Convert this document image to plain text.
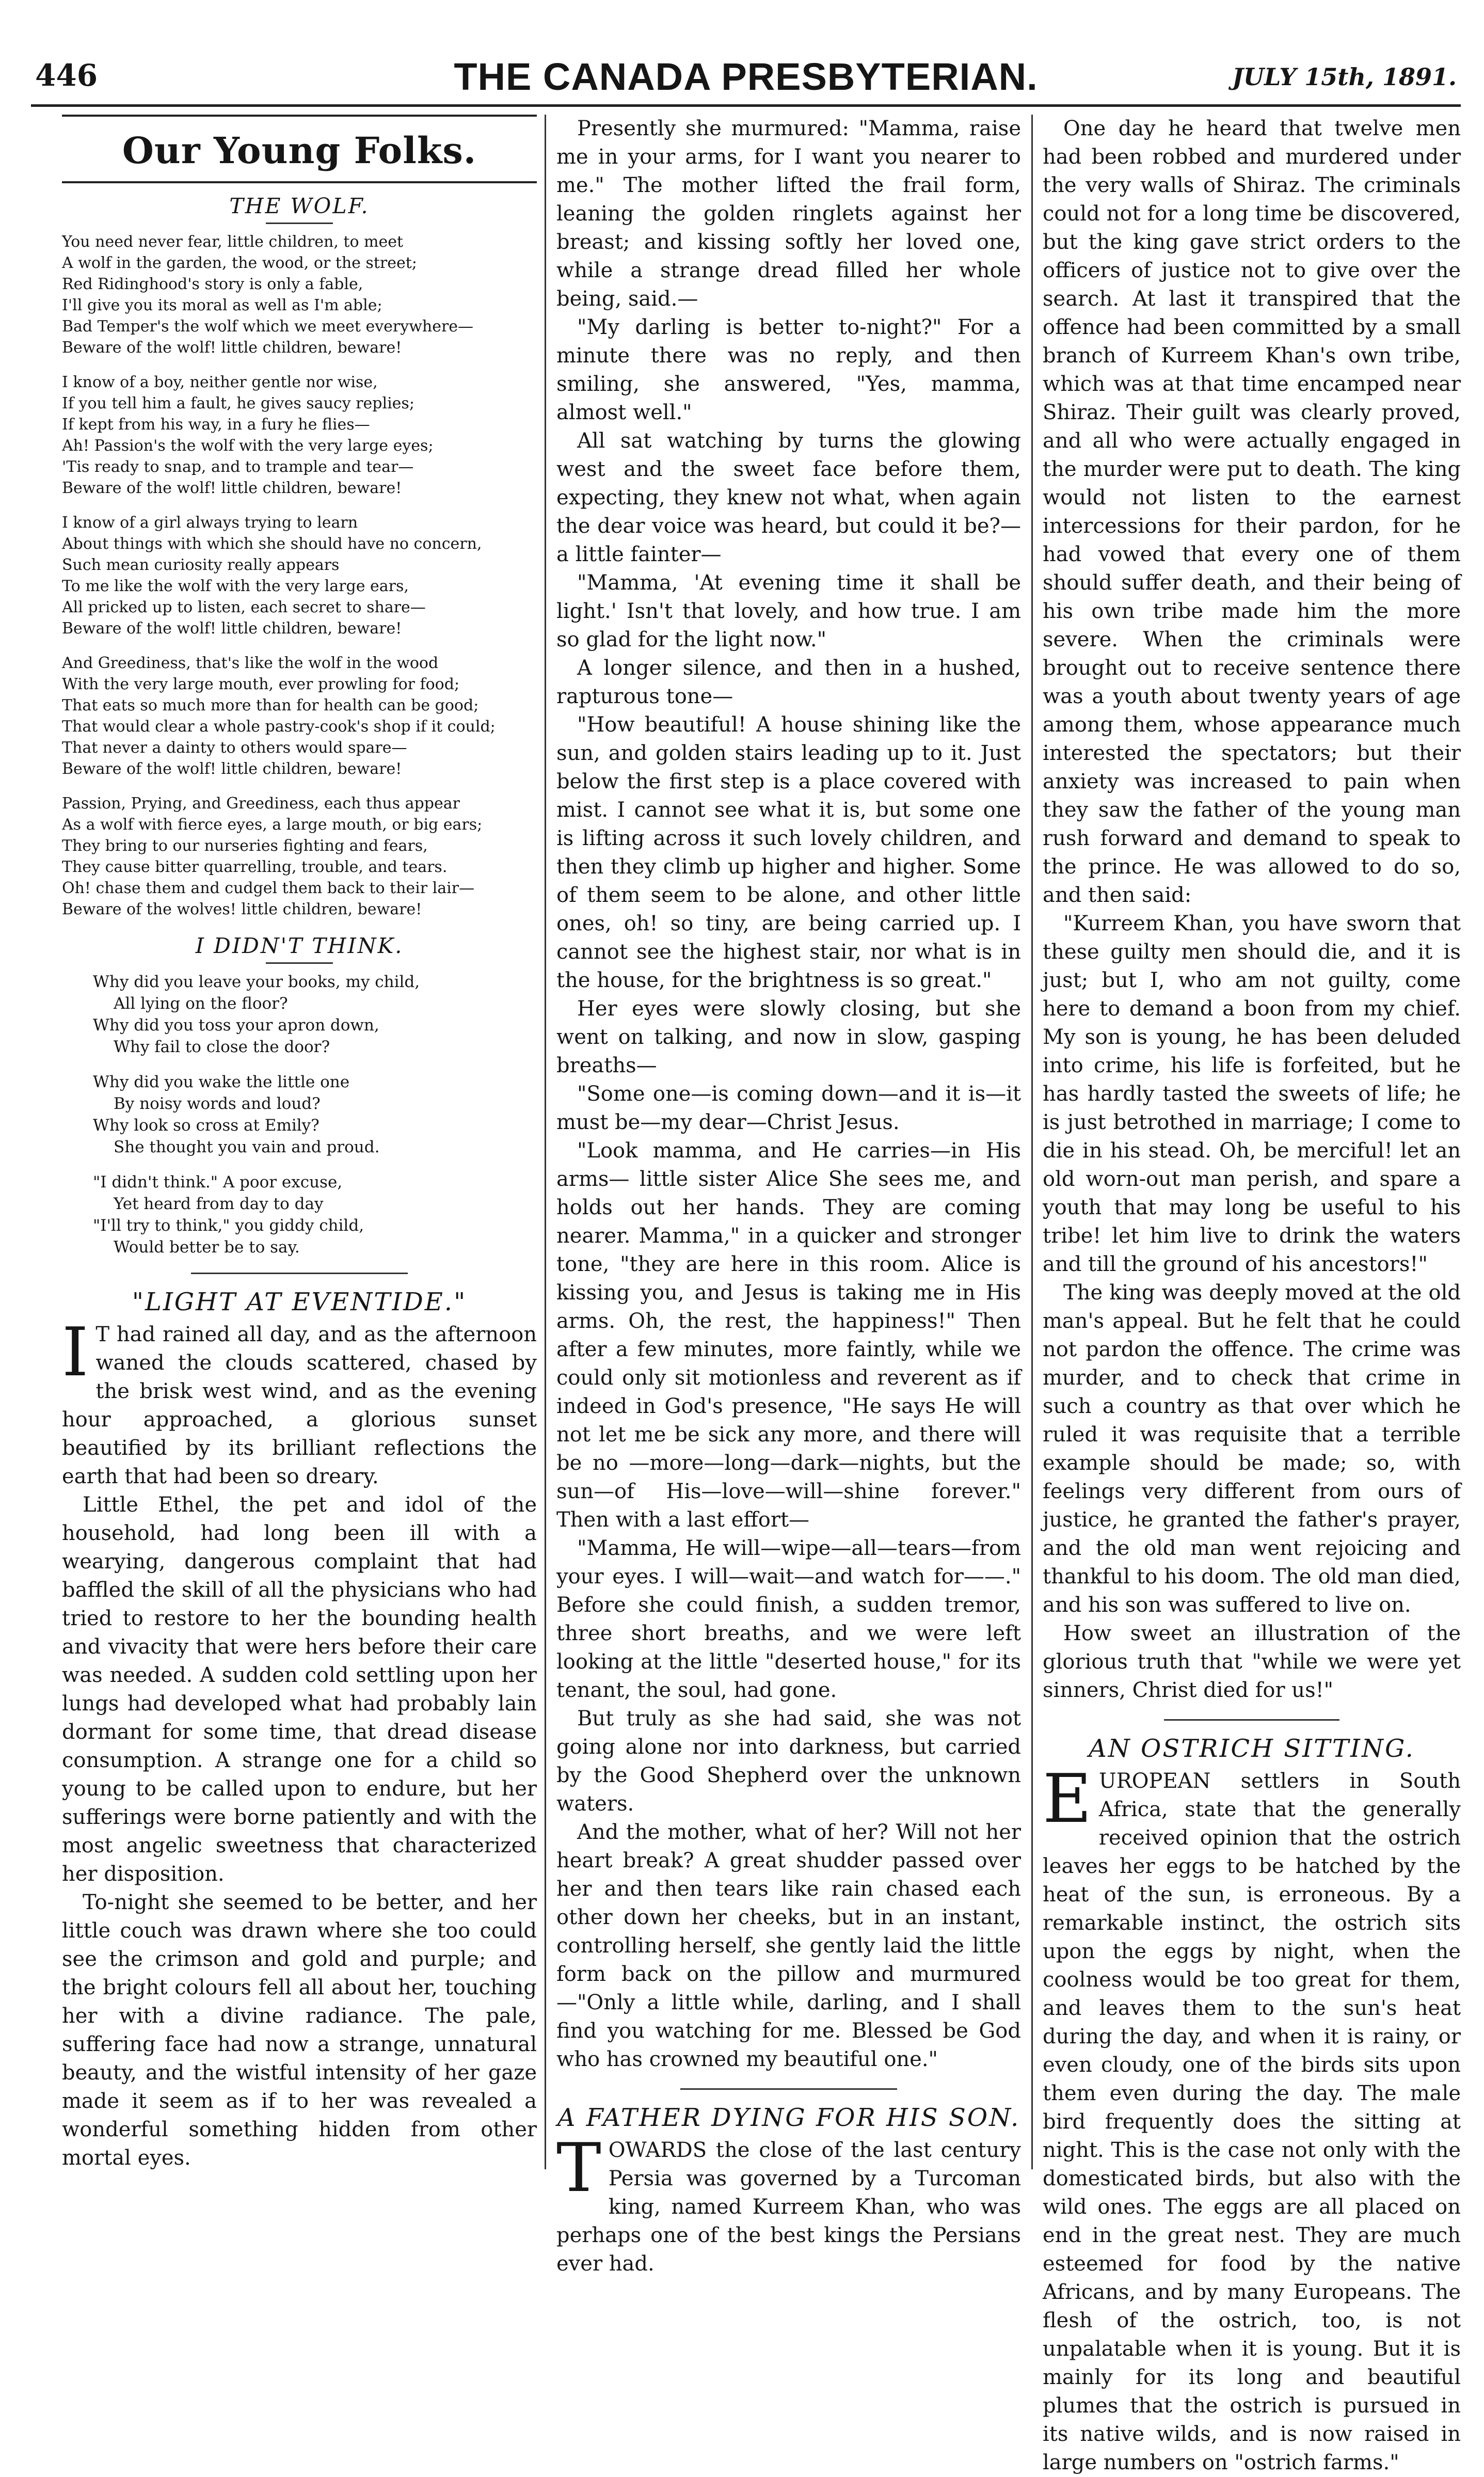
446	THE CANADA PRESBYTERIAN.	JULY 15th, 1891.
Our Young Folks.
THE WOLF.
You need never fear, little children, to meet
A wolf in the garden, the wood, or the street;
Red Ridinghood's story is only a fable,
I'll give you its moral as well as I'm able;
Bad Temper's the wolf which we meet everywhere—
Beware of the wolf! little children, beware!
I know of a boy, neither gentle nor wise,
If you tell him a fault, he gives saucy replies;
If kept from his way, in a fury he flies—
Ah! Passion's the wolf with the very large eyes;
'Tis ready to snap, and to trample and tear—
Beware of the wolf! little children, beware!
I know of a girl always trying to learn
About things with which she should have no concern,
Such mean curiosity really appears
To me like the wolf with the very large ears,
All pricked up to listen, each secret to share—
Beware of the wolf! little children, beware!
And Greediness, that's like the wolf in the wood
With the very large mouth, ever prowling for food;
That eats so much more than for health can be good;
That would clear a whole pastry-cook's shop if it could;
That never a dainty to others would spare—
Beware of the wolf! little children, beware!
Passion, Prying, and Greediness, each thus appear
As a wolf with fierce eyes, a large mouth, or big ears;
They bring to our nurseries fighting and fears,
They cause bitter quarrelling, trouble, and tears.
Oh! chase them and cudgel them back to their lair—
Beware of the wolves! little children, beware!
I DIDN'T THINK.
Why did you leave your books, my child,
All lying on the floor?
Why did you toss your apron down,
Why fail to close the door?
Why did you wake the little one
By noisy words and loud?
Why look so cross at Emily?
She thought you vain and proud.
"I didn't think." A poor excuse,
Yet heard from day to day
"I'll try to think," you giddy child,
Would better be to say.
"LIGHT AT EVENTIDE."

I T had rained all day, and as the afternoon waned the clouds scattered, chased by the brisk west wind, and as the evening hour approached, a glorious sunset beautified by its brilliant reflections the earth that had been so dreary.

Little Ethel, the pet and idol of the household, had long been ill with a wearying, dangerous complaint that had baffled the skill of all the physicians who had tried to restore to her the bounding health and vivacity that were hers before their care was needed. A sudden cold settling upon her lungs had developed what had probably lain dormant for some time, that dread disease consumption. A strange one for a child so young to be called upon to endure, but her sufferings were borne patiently and with the most angelic sweetness that characterized her disposition.

To-night she seemed to be better, and her little couch was drawn where she too could see the crimson and gold and purple; and the bright colours fell all about her, touching her with a divine radiance. The pale, suffering face had now a strange, unnatural beauty, and the wistful intensity of her gaze made it seem as if to her was revealed a wonderful something hidden from other mortal eyes.

Presently she murmured: "Mamma, raise me in your arms, for I want you nearer to me." The mother lifted the frail form, leaning the golden ringlets against her breast; and kissing softly her loved one, while a strange dread filled her whole being, said.—

"My darling is better to-night?" For a minute there was no reply, and then smiling, she answered, "Yes, mamma, almost well."

All sat watching by turns the glowing west and the sweet face before them, expecting, they knew not what, when again the dear voice was heard, but could it be?—a little fainter—

"Mamma, 'At evening time it shall be light.' Isn't that lovely, and how true. I am so glad for the light now."

A longer silence, and then in a hushed, rapturous tone—

"How beautiful! A house shining like the sun, and golden stairs leading up to it. Just below the first step is a place covered with mist. I cannot see what it is, but some one is lifting across it such lovely children, and then they climb up higher and higher. Some of them seem to be alone, and other little ones, oh! so tiny, are being carried up. I cannot see the highest stair, nor what is in the house, for the brightness is so great."

Her eyes were slowly closing, but she went on talking, and now in slow, gasping breaths—

"Some one—is coming down—and it is—it must be—my dear—Christ Jesus.

"Look mamma, and He carries—in His arms— little sister Alice She sees me, and holds out her hands. They are coming nearer. Mamma," in a quicker and stronger tone, "they are here in this room. Alice is kissing you, and Jesus is taking me in His arms. Oh, the rest, the happiness!" Then after a few minutes, more faintly, while we could only sit motionless and reverent as if indeed in God's presence, "He says He will not let me be sick any more, and there will be no —more—long—dark—nights, but the sun—of His—love—will—shine forever." Then with a last effort—

"Mamma, He will—wipe—all—tears—from your eyes. I will—wait—and watch for——." Before she could finish, a sudden tremor, three short breaths, and we were left looking at the little "deserted house," for its tenant, the soul, had gone.

But truly as she had said, she was not going alone nor into darkness, but carried by the Good Shepherd over the unknown waters.

And the mother, what of her? Will not her heart break? A great shudder passed over her and then tears like rain chased each other down her cheeks, but in an instant, controlling herself, she gently laid the little form back on the pillow and murmured—"Only a little while, darling, and I shall find you watching for me. Blessed be God who has crowned my beautiful one."

A FATHER DYING FOR HIS SON.

TOWARDS the close of the last century Persia was governed by a Turcoman king, named Kurreem Khan, who was perhaps one of the best kings the Persians ever had.

One day he heard that twelve men had been robbed and murdered under the very walls of Shiraz. The criminals could not for a long time be discovered, but the king gave strict orders to the officers of justice not to give over the search. At last it transpired that the offence had been committed by a small branch of Kurreem Khan's own tribe, which was at that time encamped near Shiraz. Their guilt was clearly proved, and all who were actually engaged in the murder were put to death. The king would not listen to the earnest intercessions for their pardon, for he had vowed that every one of them should suffer death, and their being of his own tribe made him the more severe. When the criminals were brought out to receive sentence there was a youth about twenty years of age among them, whose appearance much interested the spectators; but their anxiety was increased to pain when they saw the father of the young man rush forward and demand to speak to the prince. He was allowed to do so, and then said:

"Kurreem Khan, you have sworn that these guilty men should die, and it is just; but I, who am not guilty, come here to demand a boon from my chief. My son is young, he has been deluded into crime, his life is forfeited, but he has hardly tasted the sweets of life; he is just betrothed in marriage; I come to die in his stead. Oh, be merciful! let an old worn-out man perish, and spare a youth that may long be useful to his tribe! let him live to drink the waters and till the ground of his ancestors!"

The king was deeply moved at the old man's appeal. But he felt that he could not pardon the offence. The crime was murder, and to check that crime in such a country as that over which he ruled it was requisite that a terrible example should be made; so, with feelings very different from ours of justice, he granted the father's prayer, and the old man went rejoicing and thankful to his doom. The old man died, and his son was suffered to live on.

How sweet an illustration of the glorious truth that "while we were yet sinners, Christ died for us!"

AN OSTRICH SITTING.

EUROPEAN settlers in South Africa, state that the generally received opinion that the ostrich leaves her eggs to be hatched by the heat of the sun, is erroneous. By a remarkable instinct, the ostrich sits upon the eggs by night, when the coolness would be too great for them, and leaves them to the sun's heat during the day, and when it is rainy, or even cloudy, one of the birds sits upon them even during the day. The male bird frequently does the sitting at night. This is the case not only with the domesticated birds, but also with the wild ones. The eggs are all placed on end in the great nest. They are much esteemed for food by the native Africans, and by many Europeans. The flesh of the ostrich, too, is not unpalatable when it is young. But it is mainly for its long and beautiful plumes that the ostrich is pursued in its native wilds, and is now raised in large numbers on "ostrich farms."
